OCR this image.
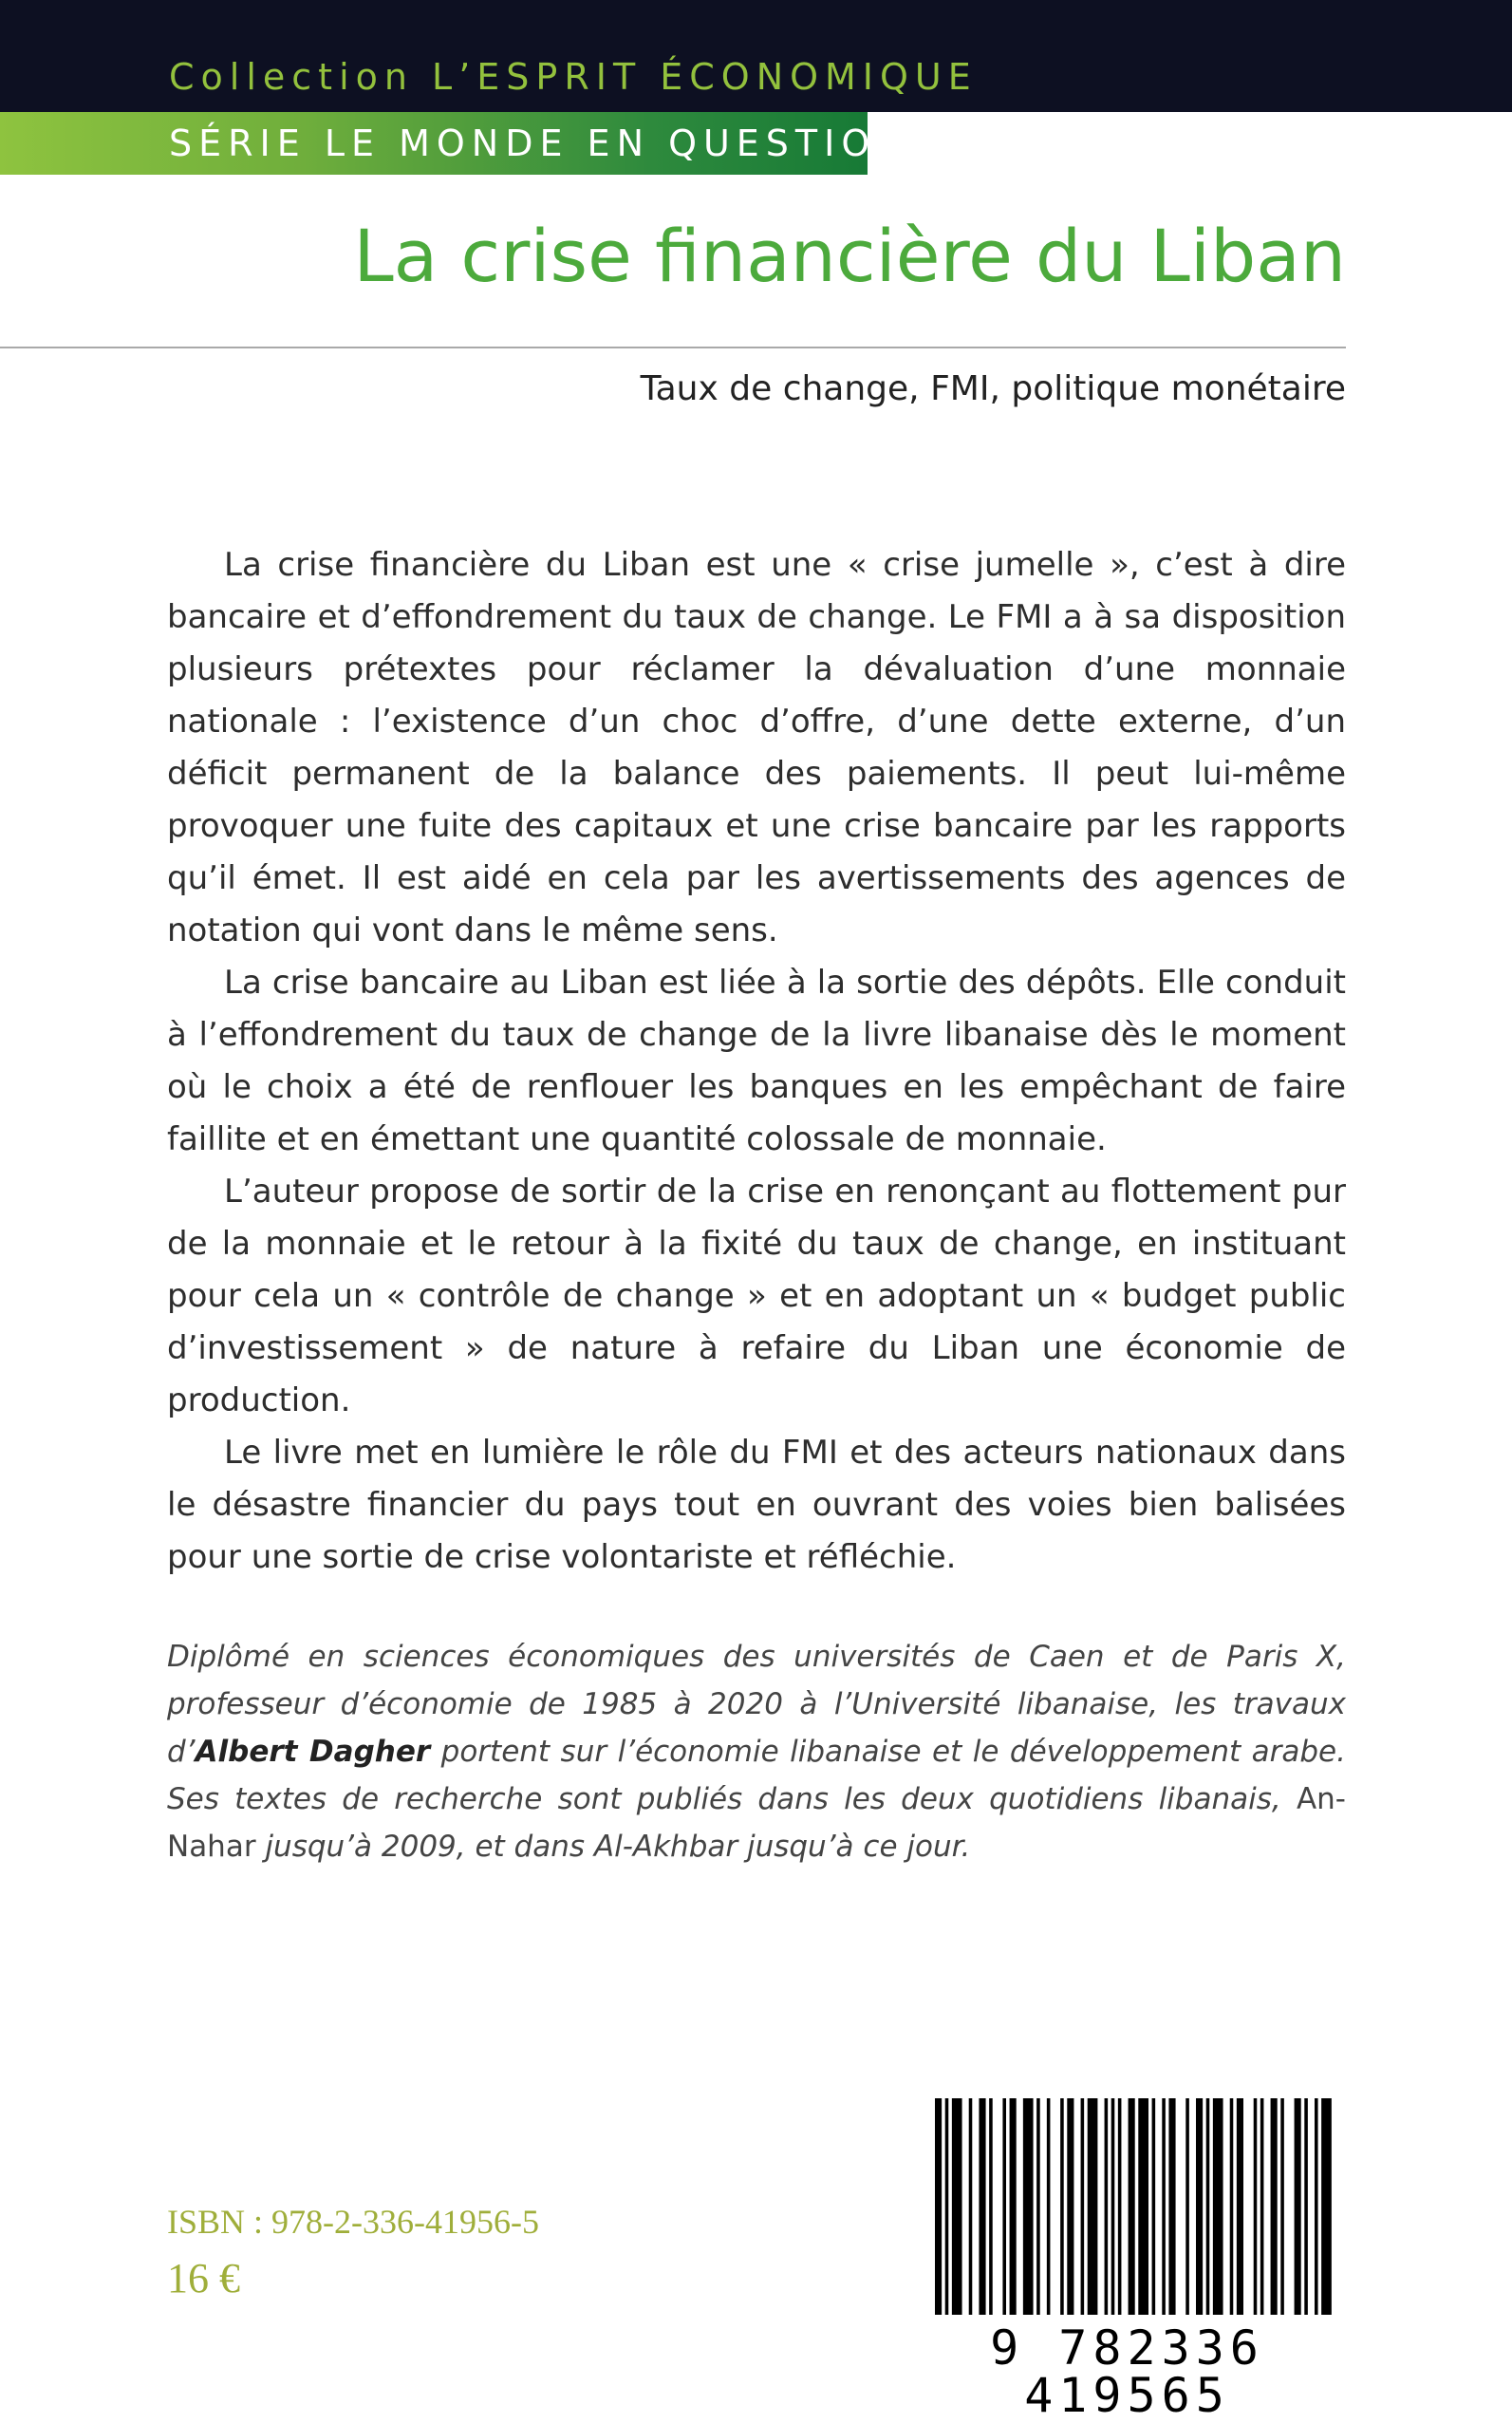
Collection L’ESPRIT ÉCONOMIQUE
SÉRIE LE MONDE EN QUESTION
La crise financière du Liban
Taux de change, FMI, politique monétaire

La crise financière du Liban est une « crise jumelle », c’est à dire bancaire et d’effondrement du taux de change. Le FMI a à sa disposition plusieurs prétextes pour réclamer la dévaluation d’une monnaie nationale : l’existence d’un choc d’offre, d’une dette externe, d’un déficit permanent de la balance des paiements. Il peut lui-même provoquer une fuite des capitaux et une crise bancaire par les rapports qu’il émet. Il est aidé en cela par les avertissements des agences de notation qui vont dans le même sens.

La crise bancaire au Liban est liée à la sortie des dépôts. Elle conduit à l’effondrement du taux de change de la livre libanaise dès le moment où le choix a été de renflouer les banques en les empêchant de faire faillite et en émettant une quantité colossale de monnaie.

L’auteur propose de sortir de la crise en renonçant au flottement pur de la monnaie et le retour à la fixité du taux de change, en instituant pour cela un « contrôle de change » et en adoptant un « budget public d’investissement » de nature à refaire du Liban une économie de production.

Le livre met en lumière le rôle du FMI et des acteurs nationaux dans le désastre financier du pays tout en ouvrant des voies bien balisées pour une sortie de crise volontariste et réfléchie.

Diplômé en sciences économiques des universités de Caen et de Paris X, professeur d’économie de 1985 à 2020 à l’Université libanaise, les travaux d’Albert Dagher portent sur l’économie libanaise et le développement arabe. Ses textes de recherche sont publiés dans les deux quotidiens libanais, An-Nahar jusqu’à 2009, et dans Al-Akhbar jusqu’à ce jour.
ISBN : 978-2-336-41956-5
16 €
9 782336 419565
